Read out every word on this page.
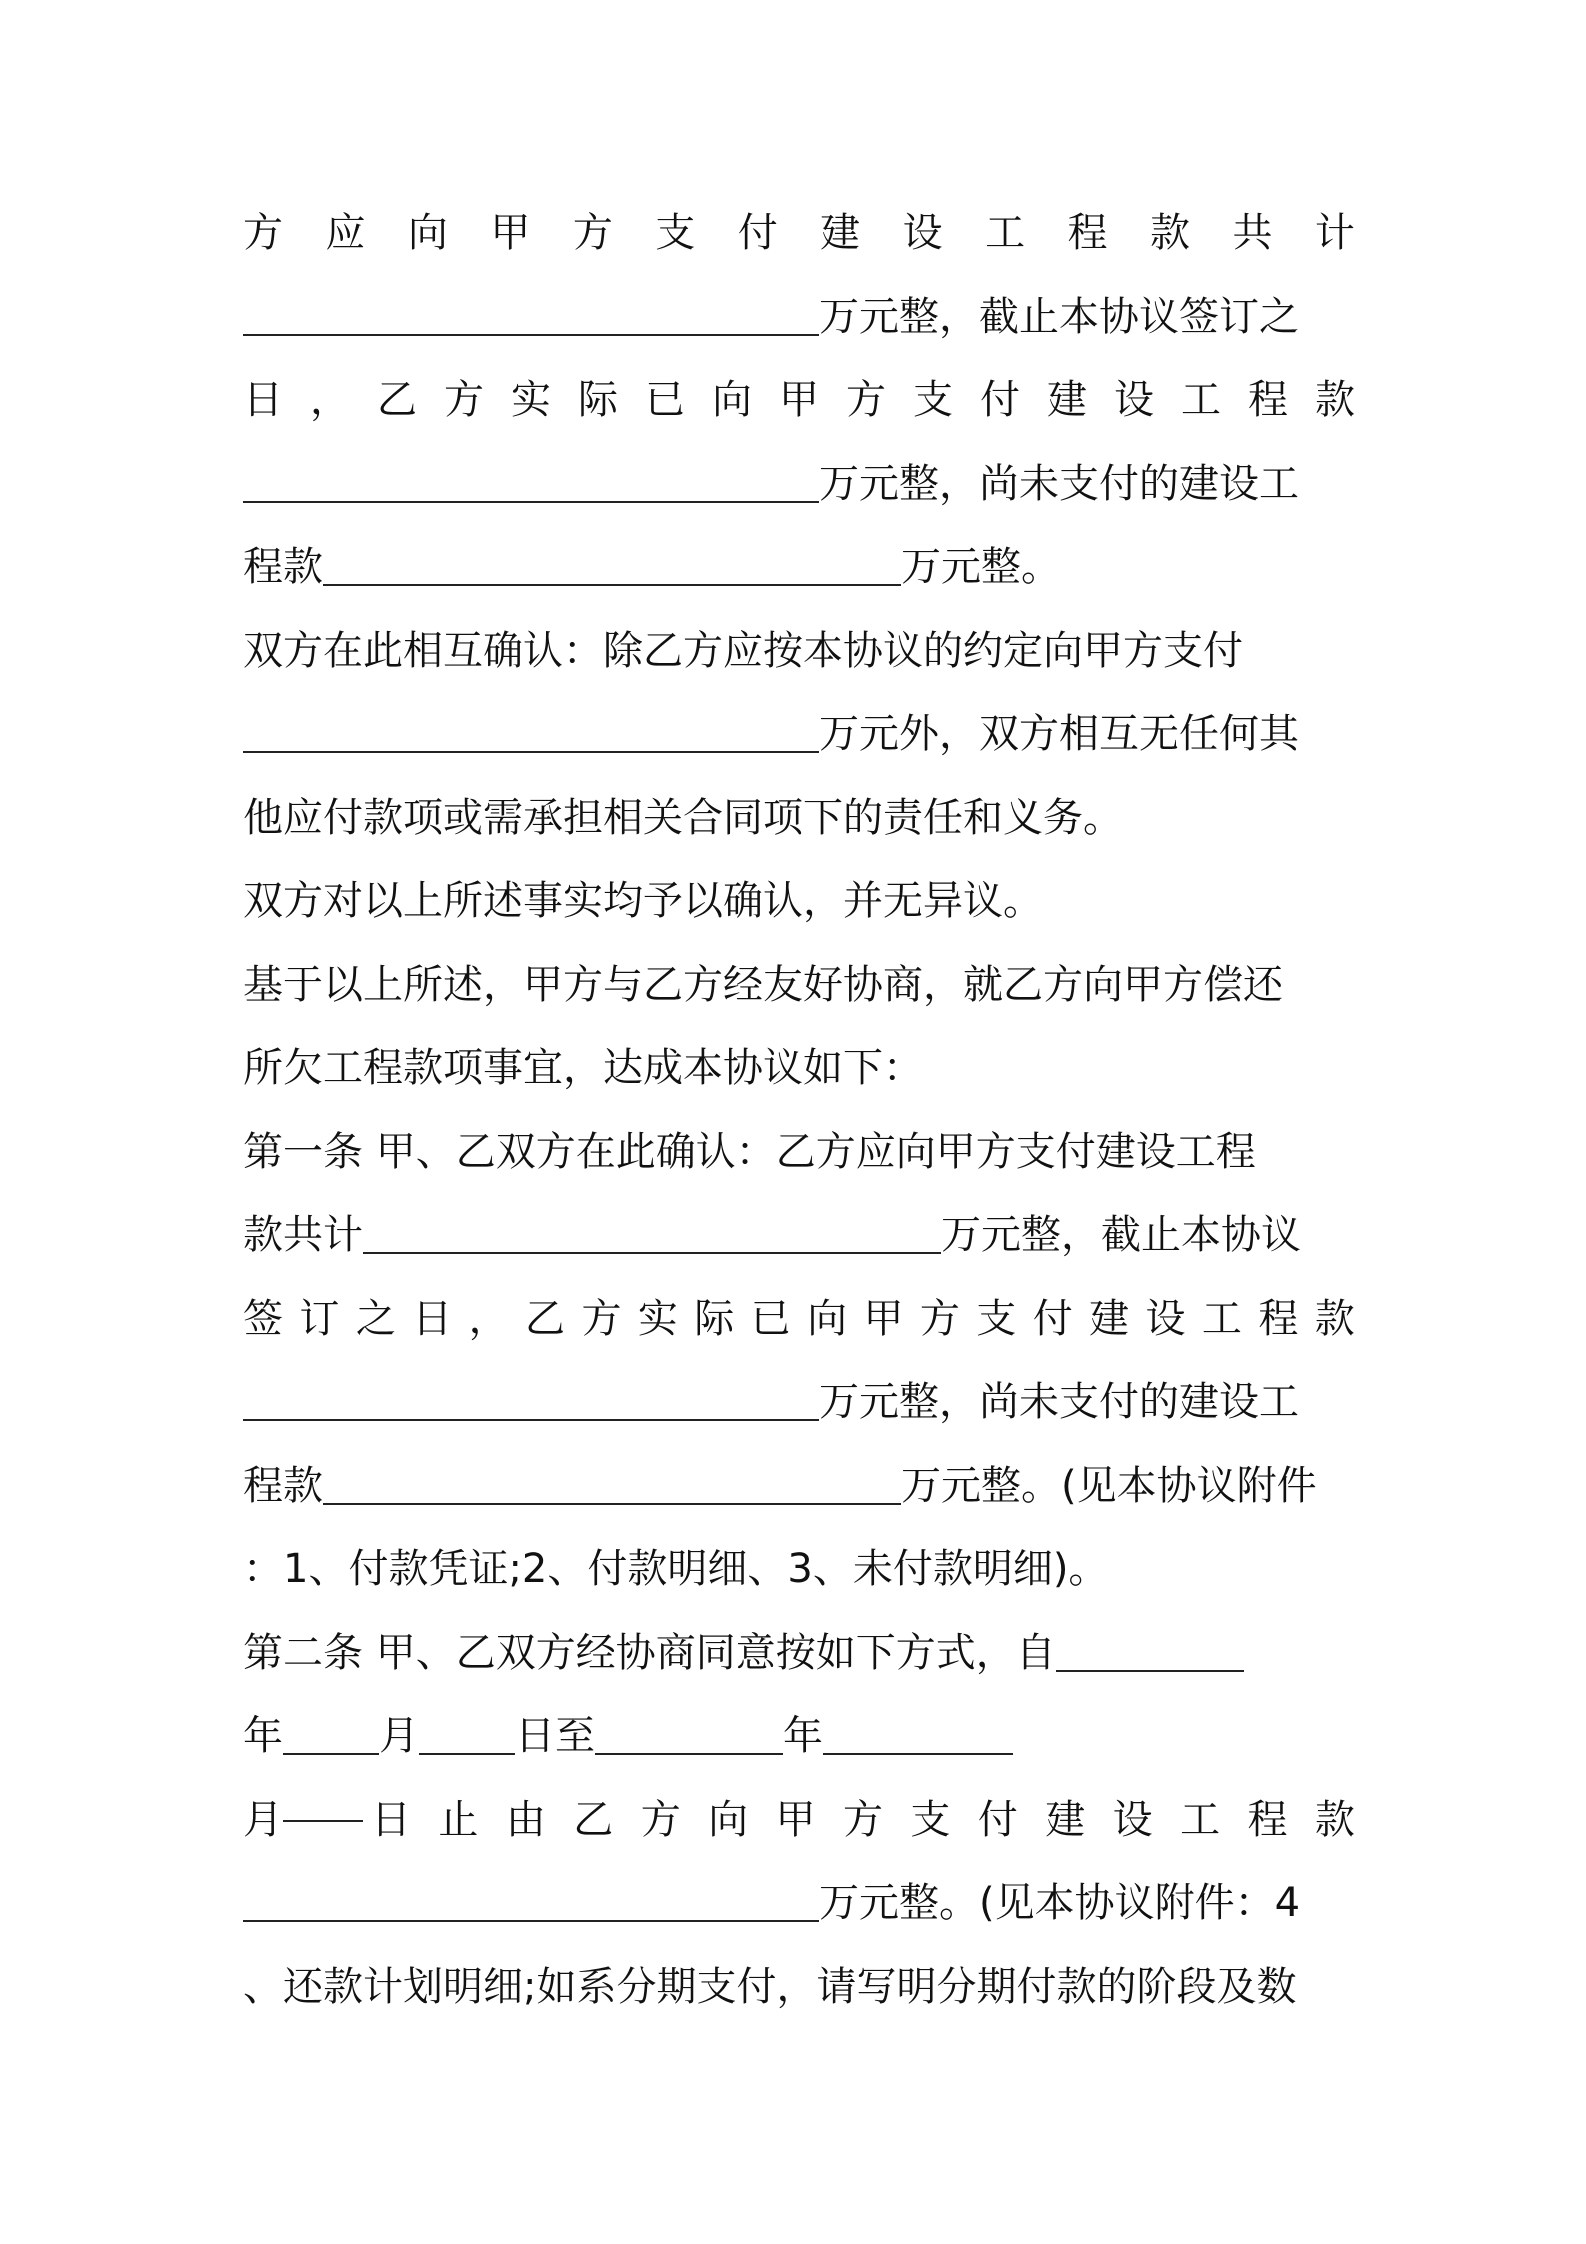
方 应 向 甲 方 支 付 建 设 工 程 款 共 计
万元整，截止本协议签订之
日 ， 乙 方 实 际 已 向 甲 方 支 付 建 设 工 程 款
万元整，尚未支付的建设工
程款	万元整。
双方在此相互确认：除乙方应按本协议的约定向甲方支付
万元外，双方相互无任何其
他应付款项或需承担相关合同项下的责任和义务。
双方对以上所述事实均予以确认，并无异议。
基于以上所述，甲方与乙方经友好协商，就乙方向甲方偿还
所欠工程款项事宜，达成本协议如下：
第一条 甲、乙双方在此确认：乙方应向甲方支付建设工程
款共计	万元整，截止本协议
签 订 之 日 ， 乙 方 实 际 已 向 甲 方 支 付 建 设 工 程 款
万元整，尚未支付的建设工
程款	万元整。(见本协议附件
：1、付款凭证;2、付款明细、3、未付款明细)。
第二条 甲、乙双方经协商同意按如下方式，自
年 月 日至	年
月 日 止 由 乙 方 向 甲 方 支 付 建 设 工 程 款
万元整。(见本协议附件：4
、还款计划明细;如系分期支付，请写明分期付款的阶段及数
